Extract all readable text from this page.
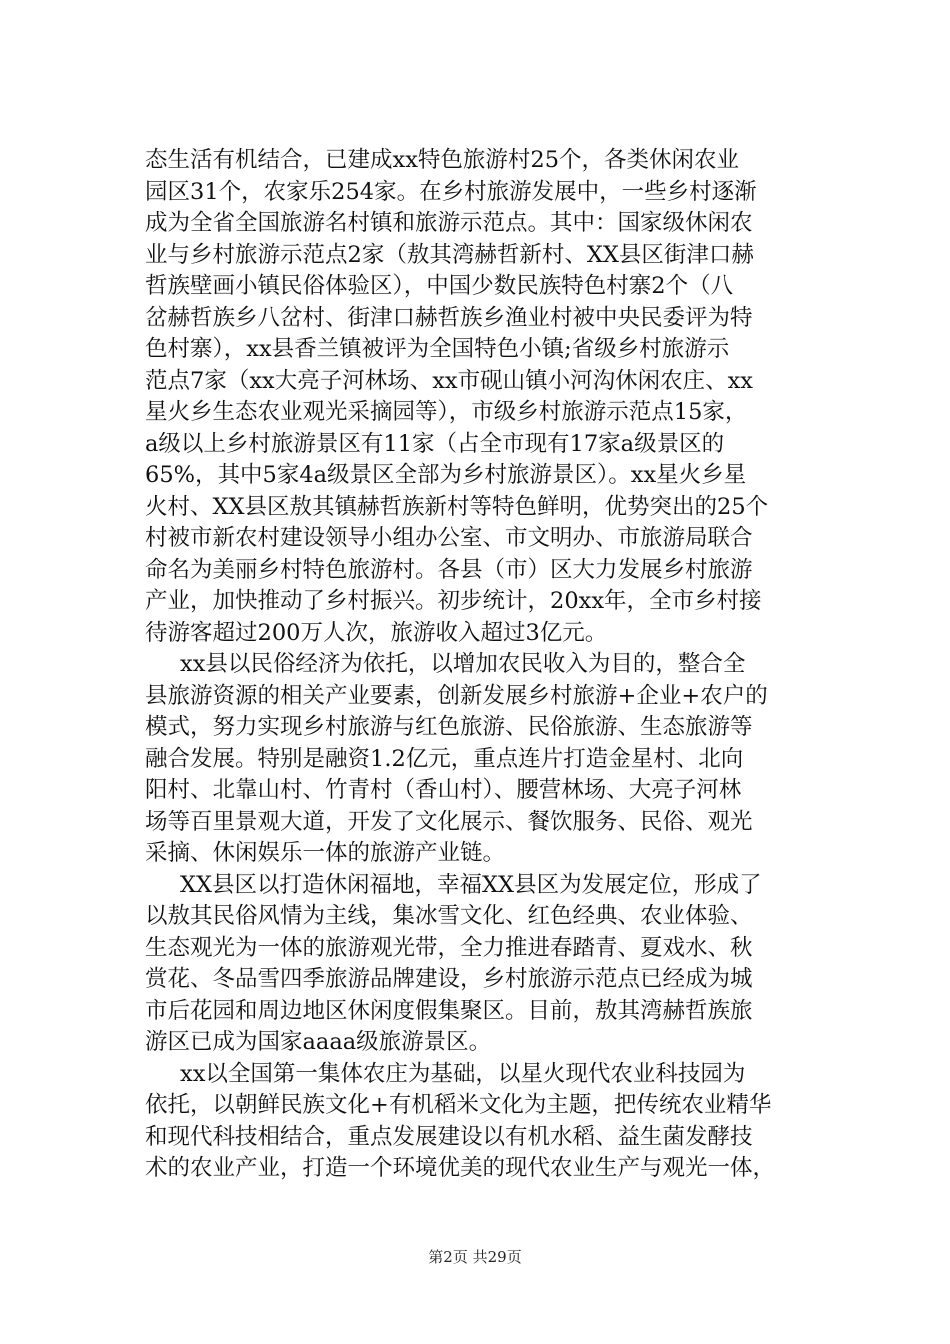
态生活有机结合，已建成xx特色旅游村25个，各类休闲农业
园区31个，农家乐254家。在乡村旅游发展中，一些乡村逐渐
成为全省全国旅游名村镇和旅游示范点。其中：国家级休闲农
业与乡村旅游示范点2家（敖其湾赫哲新村、XX县区街津口赫
哲族壁画小镇民俗体验区），中国少数民族特色村寨2个（八
岔赫哲族乡八岔村、街津口赫哲族乡渔业村被中央民委评为特
色村寨），xx县香兰镇被评为全国特色小镇;省级乡村旅游示
范点7家（xx大亮子河林场、xx市砚山镇小河沟休闲农庄、xx
星火乡生态农业观光采摘园等），市级乡村旅游示范点15家，
a级以上乡村旅游景区有11家（占全市现有17家a级景区的
65%，其中5家4a级景区全部为乡村旅游景区）。xx星火乡星
火村、XX县区敖其镇赫哲族新村等特色鲜明，优势突出的25个
村被市新农村建设领导小组办公室、市文明办、市旅游局联合
命名为美丽乡村特色旅游村。各县（市）区大力发展乡村旅游
产业，加快推动了乡村振兴。初步统计，20xx年，全市乡村接
待游客超过200万人次，旅游收入超过3亿元。
xx县以民俗经济为依托，以增加农民收入为目的，整合全
县旅游资源的相关产业要素，创新发展乡村旅游+企业+农户的
模式，努力实现乡村旅游与红色旅游、民俗旅游、生态旅游等
融合发展。特别是融资1.2亿元，重点连片打造金星村、北向
阳村、北靠山村、竹青村（香山村）、腰营林场、大亮子河林
场等百里景观大道，开发了文化展示、餐饮服务、民俗、观光
采摘、休闲娱乐一体的旅游产业链。
XX县区以打造休闲福地，幸福XX县区为发展定位，形成了
以敖其民俗风情为主线，集冰雪文化、红色经典、农业体验、
生态观光为一体的旅游观光带，全力推进春踏青、夏戏水、秋
赏花、冬品雪四季旅游品牌建设，乡村旅游示范点已经成为城
市后花园和周边地区休闲度假集聚区。目前，敖其湾赫哲族旅
游区已成为国家aaaa级旅游景区。
xx以全国第一集体农庄为基础，以星火现代农业科技园为
依托，以朝鲜民族文化+有机稻米文化为主题，把传统农业精华
和现代科技相结合，重点发展建设以有机水稻、益生菌发酵技
术的农业产业，打造一个环境优美的现代农业生产与观光一体，
第2页 共29页
